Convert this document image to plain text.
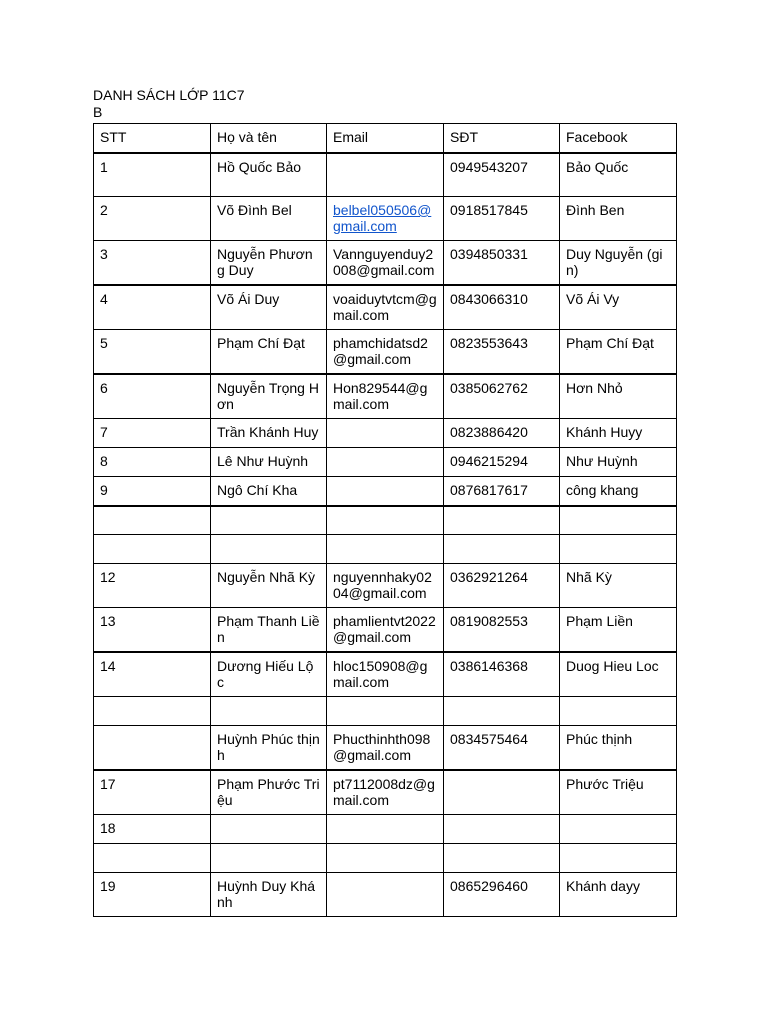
DANH SÁCH LỚP 11C7
B
STT	Họ và tên	Email	SĐT	Facebook
1	Hồ Quốc Bảo		0949543207	Bảo Quốc
2	Võ Đình Bel	belbel050506@gmail.com	0918517845	Đình Ben
3	Nguyễn Phương Duy	Vannguyenduy2008@gmail.com	0394850331	Duy Nguyễn (gin)
4	Võ Ái Duy	voaiduytvtcm@gmail.com	0843066310	Võ Ái Vy
5	Phạm Chí Đạt	phamchidatsd2@gmail.com	0823553643	Phạm Chí Đạt
6	Nguyễn Trọng Hơn	Hon829544@gmail.com	0385062762	Hơn Nhỏ
7	Trần Khánh Huy		0823886420	Khánh Huyy
8	Lê Như Huỳnh		0946215294	Như Huỳnh
9	Ngô Chí Kha		0876817617	công khang

12	Nguyễn Nhã Kỳ	nguyennhaky0204@gmail.com	0362921264	Nhã Kỳ
13	Phạm Thanh Liền	phamlientvt2022@gmail.com	0819082553	Phạm Liền
14	Dương Hiếu Lộc	hloc150908@gmail.com	0386146368	Duog Hieu Loc

	Huỳnh Phúc thịnh	Phucthinhth098@gmail.com	0834575464	Phúc thịnh
17	Phạm Phước Triệu	pt7112008dz@gmail.com		Phước Triệu
18				

19	Huỳnh Duy Khánh		0865296460	Khánh dayy
